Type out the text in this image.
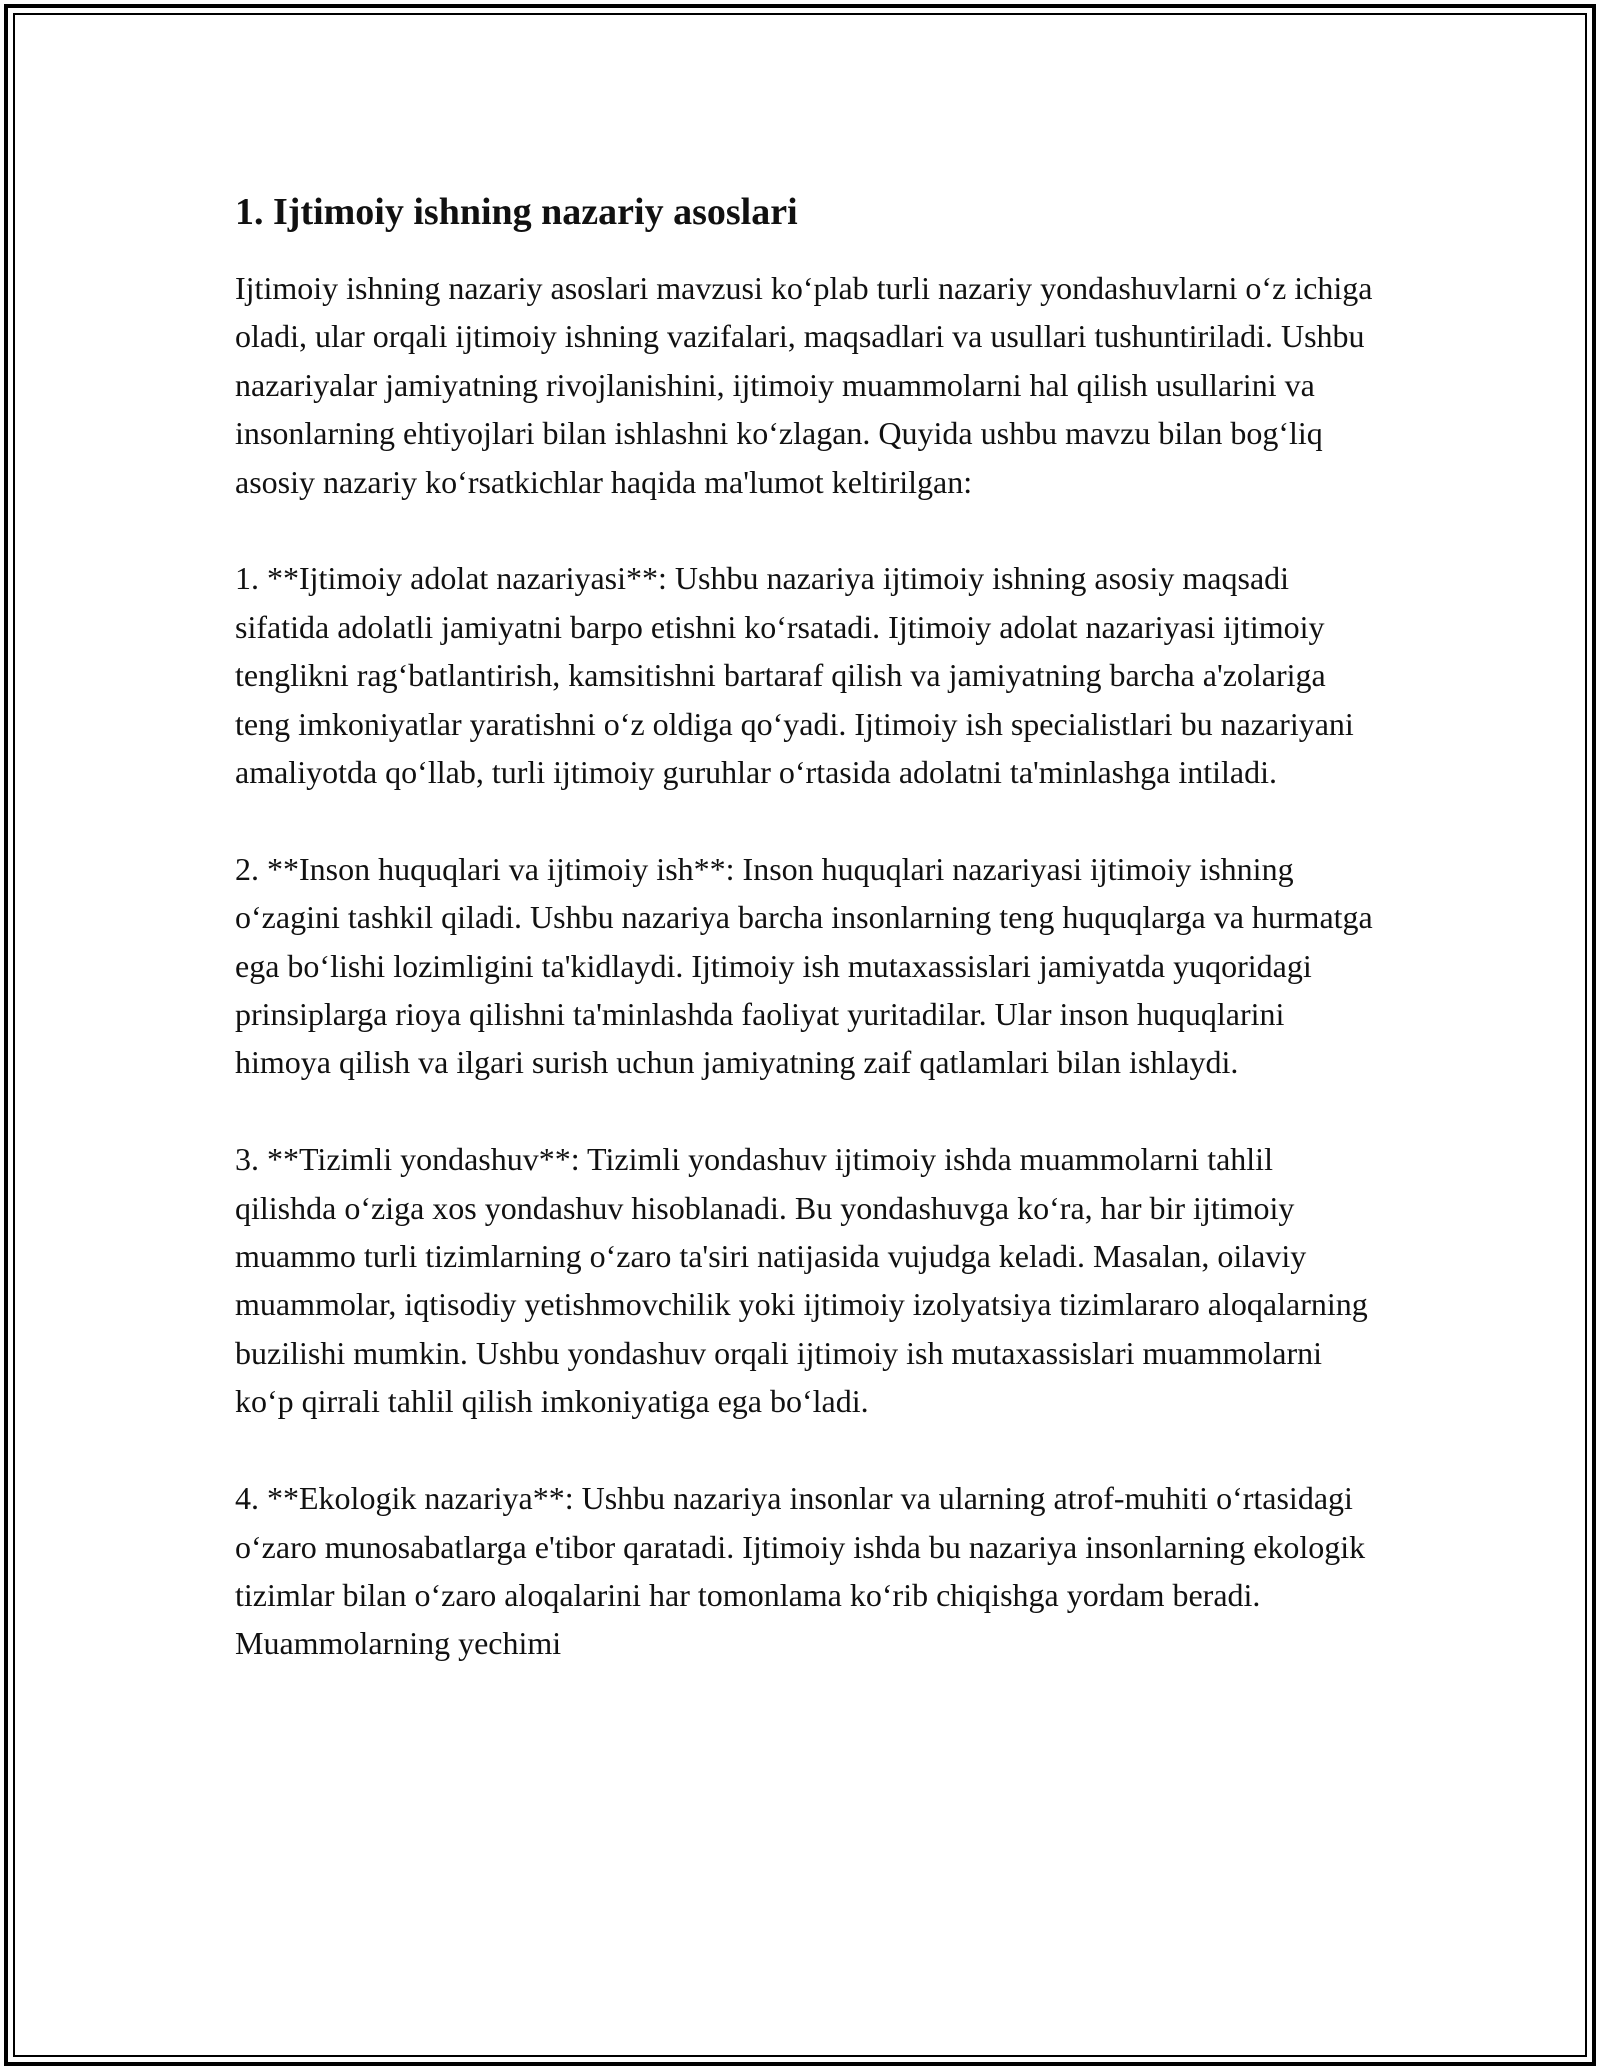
1. Ijtimoiy ishning nazariy asoslari

Ijtimoiy ishning nazariy asoslari mavzusi ko‘plab turli nazariy yondashuvlarni o‘z ichiga oladi, ular orqali ijtimoiy ishning vazifalari, maqsadlari va usullari tushuntiriladi. Ushbu nazariyalar jamiyatning rivojlanishini, ijtimoiy muammolarni hal qilish usullarini va insonlarning ehtiyojlari bilan ishlashni ko‘zlagan. Quyida ushbu mavzu bilan bog‘liq asosiy nazariy ko‘rsatkichlar haqida ma'lumot keltirilgan:

1. **Ijtimoiy adolat nazariyasi**: Ushbu nazariya ijtimoiy ishning asosiy maqsadi sifatida adolatli jamiyatni barpo etishni ko‘rsatadi. Ijtimoiy adolat nazariyasi ijtimoiy tenglikni rag‘batlantirish, kamsitishni bartaraf qilish va jamiyatning barcha a'zolariga teng imkoniyatlar yaratishni o‘z oldiga qo‘yadi. Ijtimoiy ish specialistlari bu nazariyani amaliyotda qo‘llab, turli ijtimoiy guruhlar o‘rtasida adolatni ta'minlashga intiladi.

2. **Inson huquqlari va ijtimoiy ish**: Inson huquqlari nazariyasi ijtimoiy ishning o‘zagini tashkil qiladi. Ushbu nazariya barcha insonlarning teng huquqlarga va hurmatga ega bo‘lishi lozimligini ta'kidlaydi. Ijtimoiy ish mutaxassislari jamiyatda yuqoridagi prinsiplarga rioya qilishni ta'minlashda faoliyat yuritadilar. Ular inson huquqlarini himoya qilish va ilgari surish uchun jamiyatning zaif qatlamlari bilan ishlaydi.

3. **Tizimli yondashuv**: Tizimli yondashuv ijtimoiy ishda muammolarni tahlil qilishda o‘ziga xos yondashuv hisoblanadi. Bu yondashuvga ko‘ra, har bir ijtimoiy muammo turli tizimlarning o‘zaro ta'siri natijasida vujudga keladi. Masalan, oilaviy muammolar, iqtisodiy yetishmovchilik yoki ijtimoiy izolyatsiya tizimlararo aloqalarning buzilishi mumkin. Ushbu yondashuv orqali ijtimoiy ish mutaxassislari muammolarni ko‘p qirrali tahlil qilish imkoniyatiga ega bo‘ladi.

4. **Ekologik nazariya**: Ushbu nazariya insonlar va ularning atrof-muhiti o‘rtasidagi o‘zaro munosabatlarga e'tibor qaratadi. Ijtimoiy ishda bu nazariya insonlarning ekologik tizimlar bilan o‘zaro aloqalarini har tomonlama ko‘rib chiqishga yordam beradi. Muammolarning yechimi
